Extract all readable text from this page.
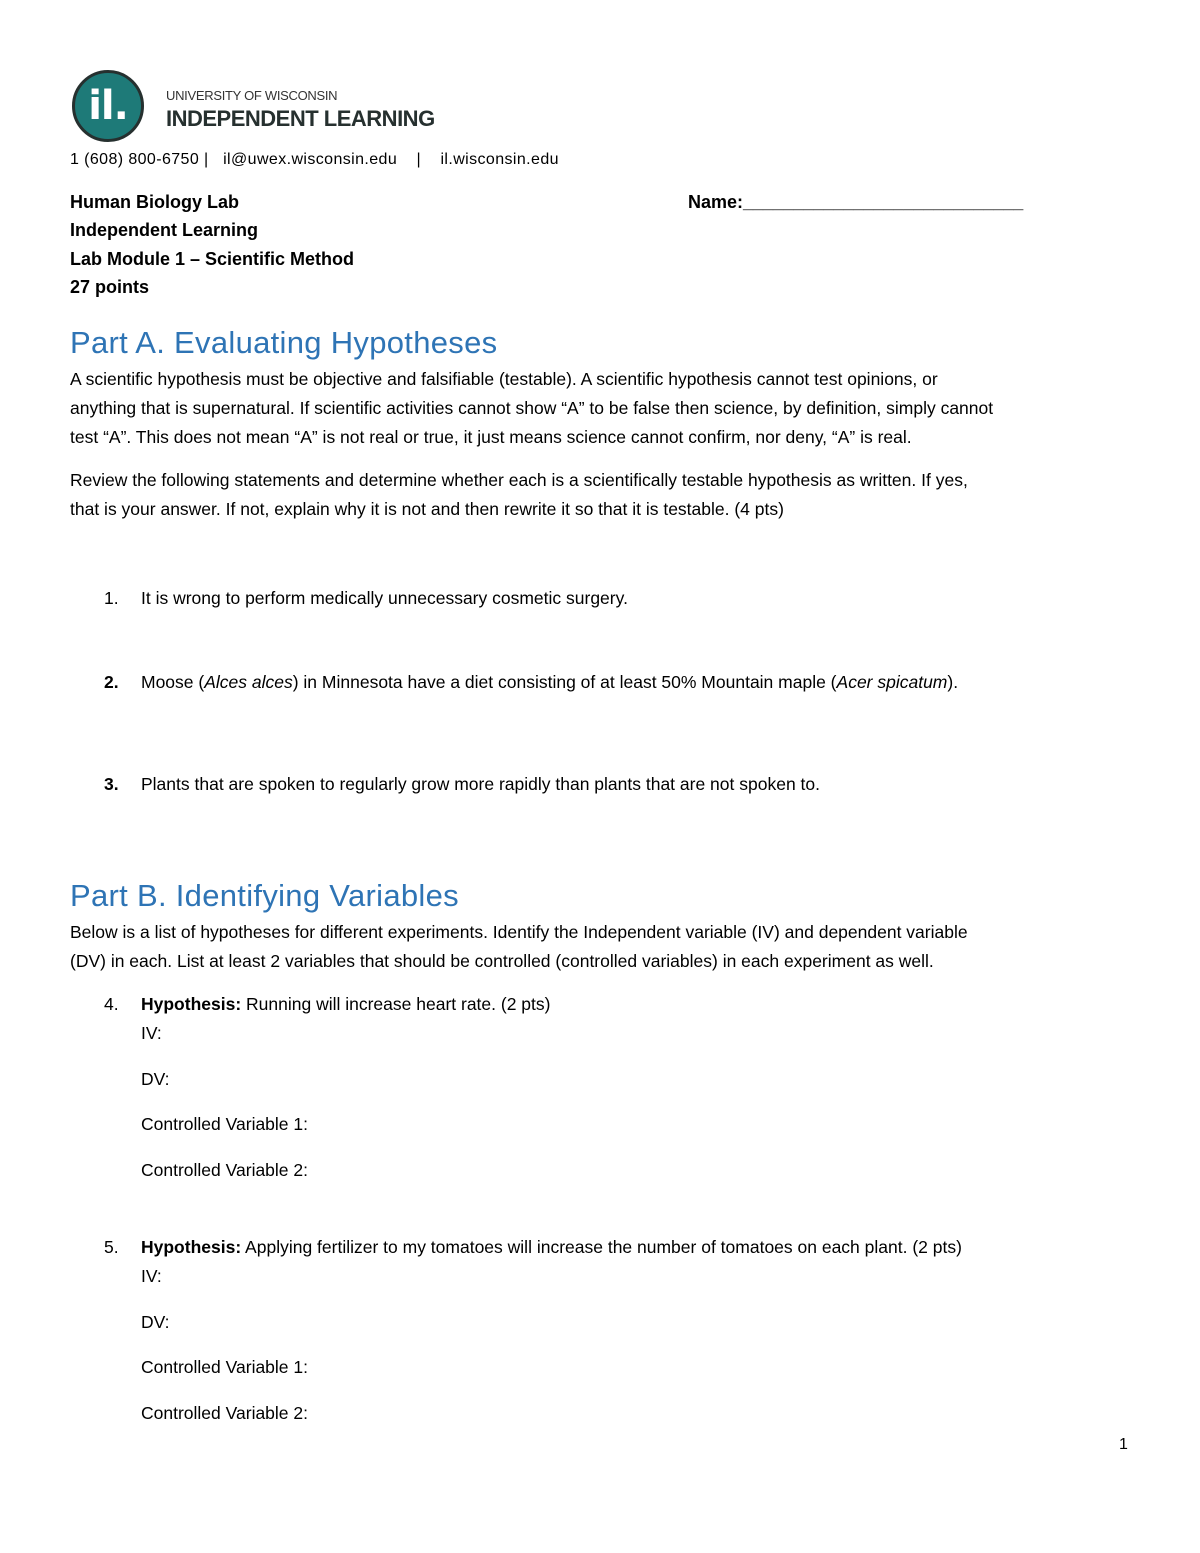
il.	UNIVERSITY OF WISCONSIN
INDEPENDENT LEARNING
1 (608) 800-6750 |   il@uwex.wisconsin.edu    |    il.wisconsin.edu
Human Biology Lab
Independent Learning
Lab Module 1 – Scientific Method
27 points
Name:____________________________
Part A. Evaluating Hypotheses
A scientific hypothesis must be objective and falsifiable (testable). A scientific hypothesis cannot test opinions, or
anything that is supernatural. If scientific activities cannot show “A” to be false then science, by definition, simply cannot
test “A”. This does not mean “A” is not real or true, it just means science cannot confirm, nor deny, “A” is real.
Review the following statements and determine whether each is a scientifically testable hypothesis as written. If yes,
that is your answer. If not, explain why it is not and then rewrite it so that it is testable. (4 pts)
1. It is wrong to perform medically unnecessary cosmetic surgery.
2. Moose (Alces alces) in Minnesota have a diet consisting of at least 50% Mountain maple (Acer spicatum).
3. Plants that are spoken to regularly grow more rapidly than plants that are not spoken to.
Part B. Identifying Variables
Below is a list of hypotheses for different experiments. Identify the Independent variable (IV) and dependent variable
(DV) in each. List at least 2 variables that should be controlled (controlled variables) in each experiment as well.
4. Hypothesis: Running will increase heart rate. (2 pts)
IV:
DV:
Controlled Variable 1:
Controlled Variable 2:
5. Hypothesis: Applying fertilizer to my tomatoes will increase the number of tomatoes on each plant. (2 pts)
IV:
DV:
Controlled Variable 1:
Controlled Variable 2:
1
